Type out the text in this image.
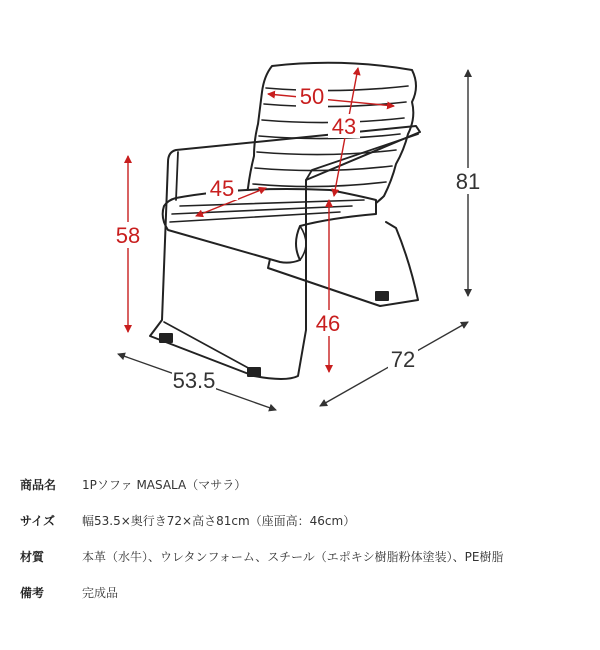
50
43
45
58
46
81
53.5
72
商品名	1Pソファ MASALA（マサラ）
サイズ	幅53.5×奥行き72×高さ81cm（座面高：46cm）
材質	本革（水牛）、ウレタンフォーム、スチール（エポキシ樹脂粉体塗装）、PE樹脂
備考	完成品
